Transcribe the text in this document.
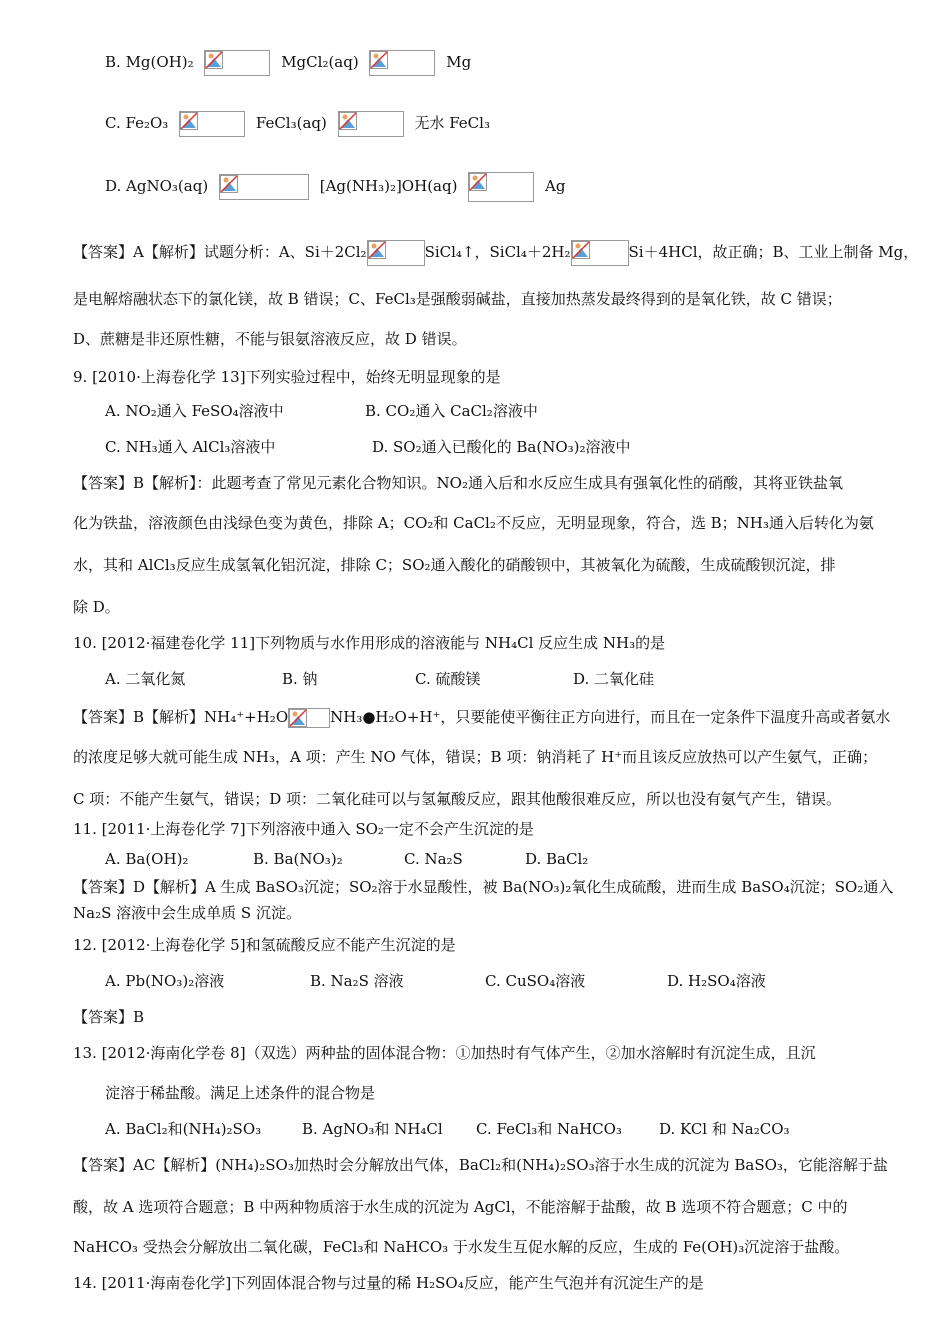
B. Mg(OH)₂	MgCl₂(aq)	Mg
C. Fe₂O₃	FeCl₃(aq)	无水 FeCl₃
D. AgNO₃(aq)	[Ag(NH₃)₂]OH(aq)	Ag
【答案】A【解析】试题分析：A、Si＋2Cl₂	SiCl₄↑，SiCl₄＋2H₂	Si＋4HCl，故正确；B、工业上制备 Mg，
是电解熔融状态下的氯化镁，故 B 错误；C、FeCl₃是强酸弱碱盐，直接加热蒸发最终得到的是氧化铁，故 C 错误；
D、蔗糖是非还原性糖，不能与银氨溶液反应，故 D 错误。
9. [2010·上海卷化学 13]下列实验过程中，始终无明显现象的是
A. NO₂通入 FeSO₄溶液中	B. CO₂通入 CaCl₂溶液中
C. NH₃通入 AlCl₃溶液中	D. SO₂通入已酸化的 Ba(NO₃)₂溶液中
【答案】B【解析】：此题考查了常见元素化合物知识。NO₂通入后和水反应生成具有强氧化性的硝酸，其将亚铁盐氧
化为铁盐，溶液颜色由浅绿色变为黄色，排除 A；CO₂和 CaCl₂不反应，无明显现象，符合，选 B；NH₃通入后转化为氨
水，其和 AlCl₃反应生成氢氧化铝沉淀，排除 C；SO₂通入酸化的硝酸钡中，其被氧化为硫酸，生成硫酸钡沉淀，排
除 D。
10. [2012·福建卷化学 11]下列物质与水作用形成的溶液能与 NH₄Cl 反应生成 NH₃的是
A. 二氧化氮	B. 钠	C. 硫酸镁	D. 二氧化硅
【答案】B【解析】NH₄⁺+H₂O	NH₃●H₂O+H⁺，只要能使平衡往正方向进行，而且在一定条件下温度升高或者氨水
的浓度足够大就可能生成 NH₃，A 项：产生 NO 气体，错误；B 项：钠消耗了 H⁺而且该反应放热可以产生氨气，正确；
C 项：不能产生氨气，错误；D 项：二氧化硅可以与氢氟酸反应，跟其他酸很难反应，所以也没有氨气产生，错误。
11. [2011·上海卷化学 7]下列溶液中通入 SO₂一定不会产生沉淀的是
A. Ba(OH)₂	B. Ba(NO₃)₂	C. Na₂S	D. BaCl₂
【答案】D【解析】A 生成 BaSO₃沉淀；SO₂溶于水显酸性，被 Ba(NO₃)₂氧化生成硫酸，进而生成 BaSO₄沉淀；SO₂通入
Na₂S 溶液中会生成单质 S 沉淀。
12. [2012·上海卷化学 5]和氢硫酸反应不能产生沉淀的是
A. Pb(NO₃)₂溶液	B. Na₂S 溶液	C. CuSO₄溶液	D. H₂SO₄溶液
【答案】B
13. [2012·海南化学卷 8]（双选）两种盐的固体混合物：①加热时有气体产生，②加水溶解时有沉淀生成，且沉
淀溶于稀盐酸。满足上述条件的混合物是
A. BaCl₂和(NH₄)₂SO₃	B. AgNO₃和 NH₄Cl C. FeCl₃和 NaHCO₃ D. KCl 和 Na₂CO₃
【答案】AC【解析】(NH₄)₂SO₃加热时会分解放出气体，BaCl₂和(NH₄)₂SO₃溶于水生成的沉淀为 BaSO₃，它能溶解于盐
酸，故 A 选项符合题意；B 中两种物质溶于水生成的沉淀为 AgCl，不能溶解于盐酸，故 B 选项不符合题意；C 中的
NaHCO₃ 受热会分解放出二氧化碳，FeCl₃和 NaHCO₃ 于水发生互促水解的反应，生成的 Fe(OH)₃沉淀溶于盐酸。
14. [2011·海南卷化学]下列固体混合物与过量的稀 H₂SO₄反应，能产生气泡并有沉淀生产的是
